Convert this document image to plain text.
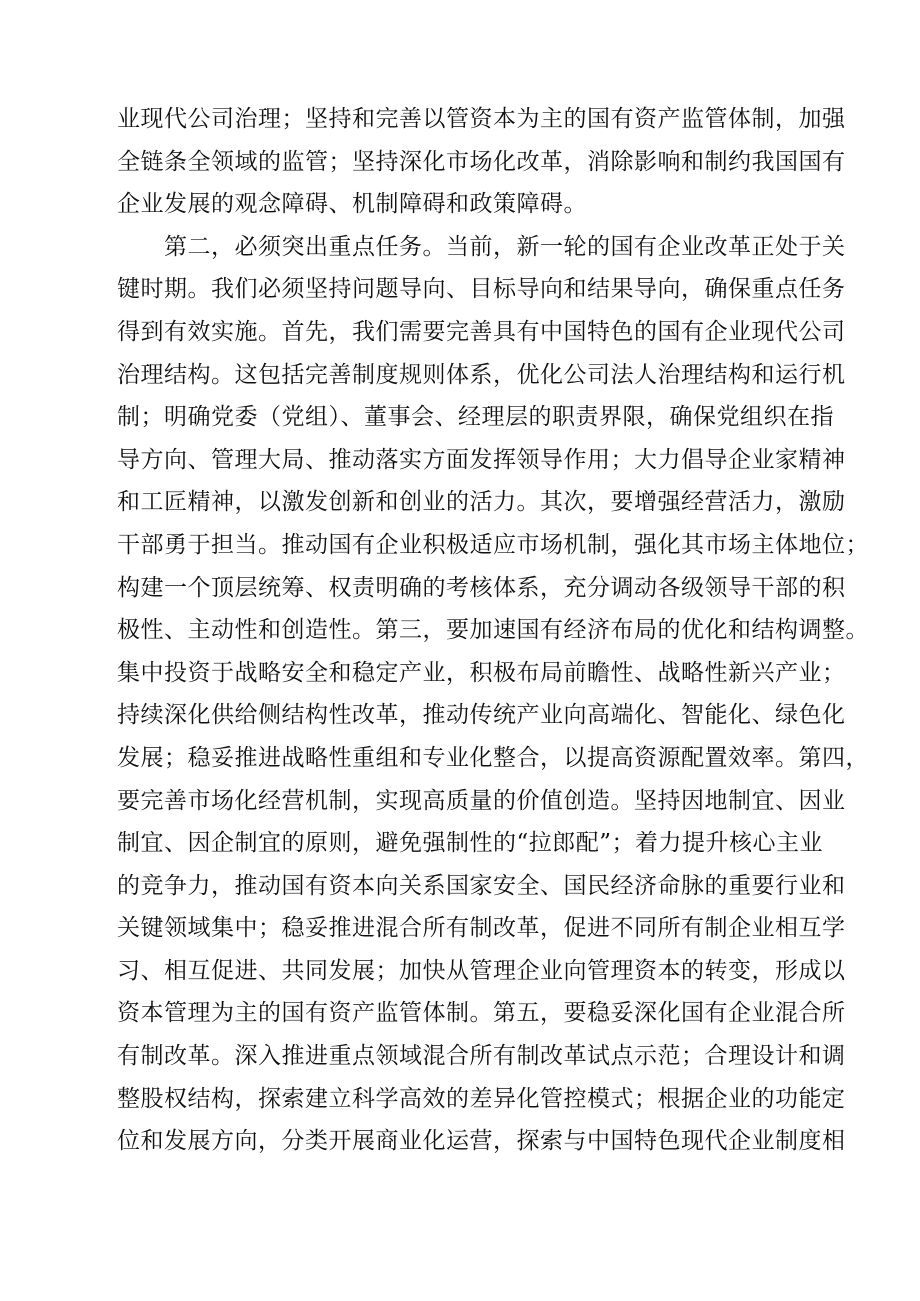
业现代公司治理；坚持和完善以管资本为主的国有资产监管体制，加强
全链条全领域的监管；坚持深化市场化改革，消除影响和制约我国国有
企业发展的观念障碍、机制障碍和政策障碍。
　　第二，必须突出重点任务。当前，新一轮的国有企业改革正处于关
键时期。我们必须坚持问题导向、目标导向和结果导向，确保重点任务
得到有效实施。首先，我们需要完善具有中国特色的国有企业现代公司
治理结构。这包括完善制度规则体系，优化公司法人治理结构和运行机
制；明确党委（党组）、董事会、经理层的职责界限，确保党组织在指
导方向、管理大局、推动落实方面发挥领导作用；大力倡导企业家精神
和工匠精神，以激发创新和创业的活力。其次，要增强经营活力，激励
干部勇于担当。推动国有企业积极适应市场机制，强化其市场主体地位；
构建一个顶层统筹、权责明确的考核体系，充分调动各级领导干部的积
极性、主动性和创造性。第三，要加速国有经济布局的优化和结构调整。
集中投资于战略安全和稳定产业，积极布局前瞻性、战略性新兴产业；
持续深化供给侧结构性改革，推动传统产业向高端化、智能化、绿色化
发展；稳妥推进战略性重组和专业化整合，以提高资源配置效率。第四，
要完善市场化经营机制，实现高质量的价值创造。坚持因地制宜、因业
制宜、因企制宜的原则，避免强制性的“拉郎配”；着力提升核心主业
的竞争力，推动国有资本向关系国家安全、国民经济命脉的重要行业和
关键领域集中；稳妥推进混合所有制改革，促进不同所有制企业相互学
习、相互促进、共同发展；加快从管理企业向管理资本的转变，形成以
资本管理为主的国有资产监管体制。第五，要稳妥深化国有企业混合所
有制改革。深入推进重点领域混合所有制改革试点示范；合理设计和调
整股权结构，探索建立科学高效的差异化管控模式；根据企业的功能定
位和发展方向，分类开展商业化运营，探索与中国特色现代企业制度相
